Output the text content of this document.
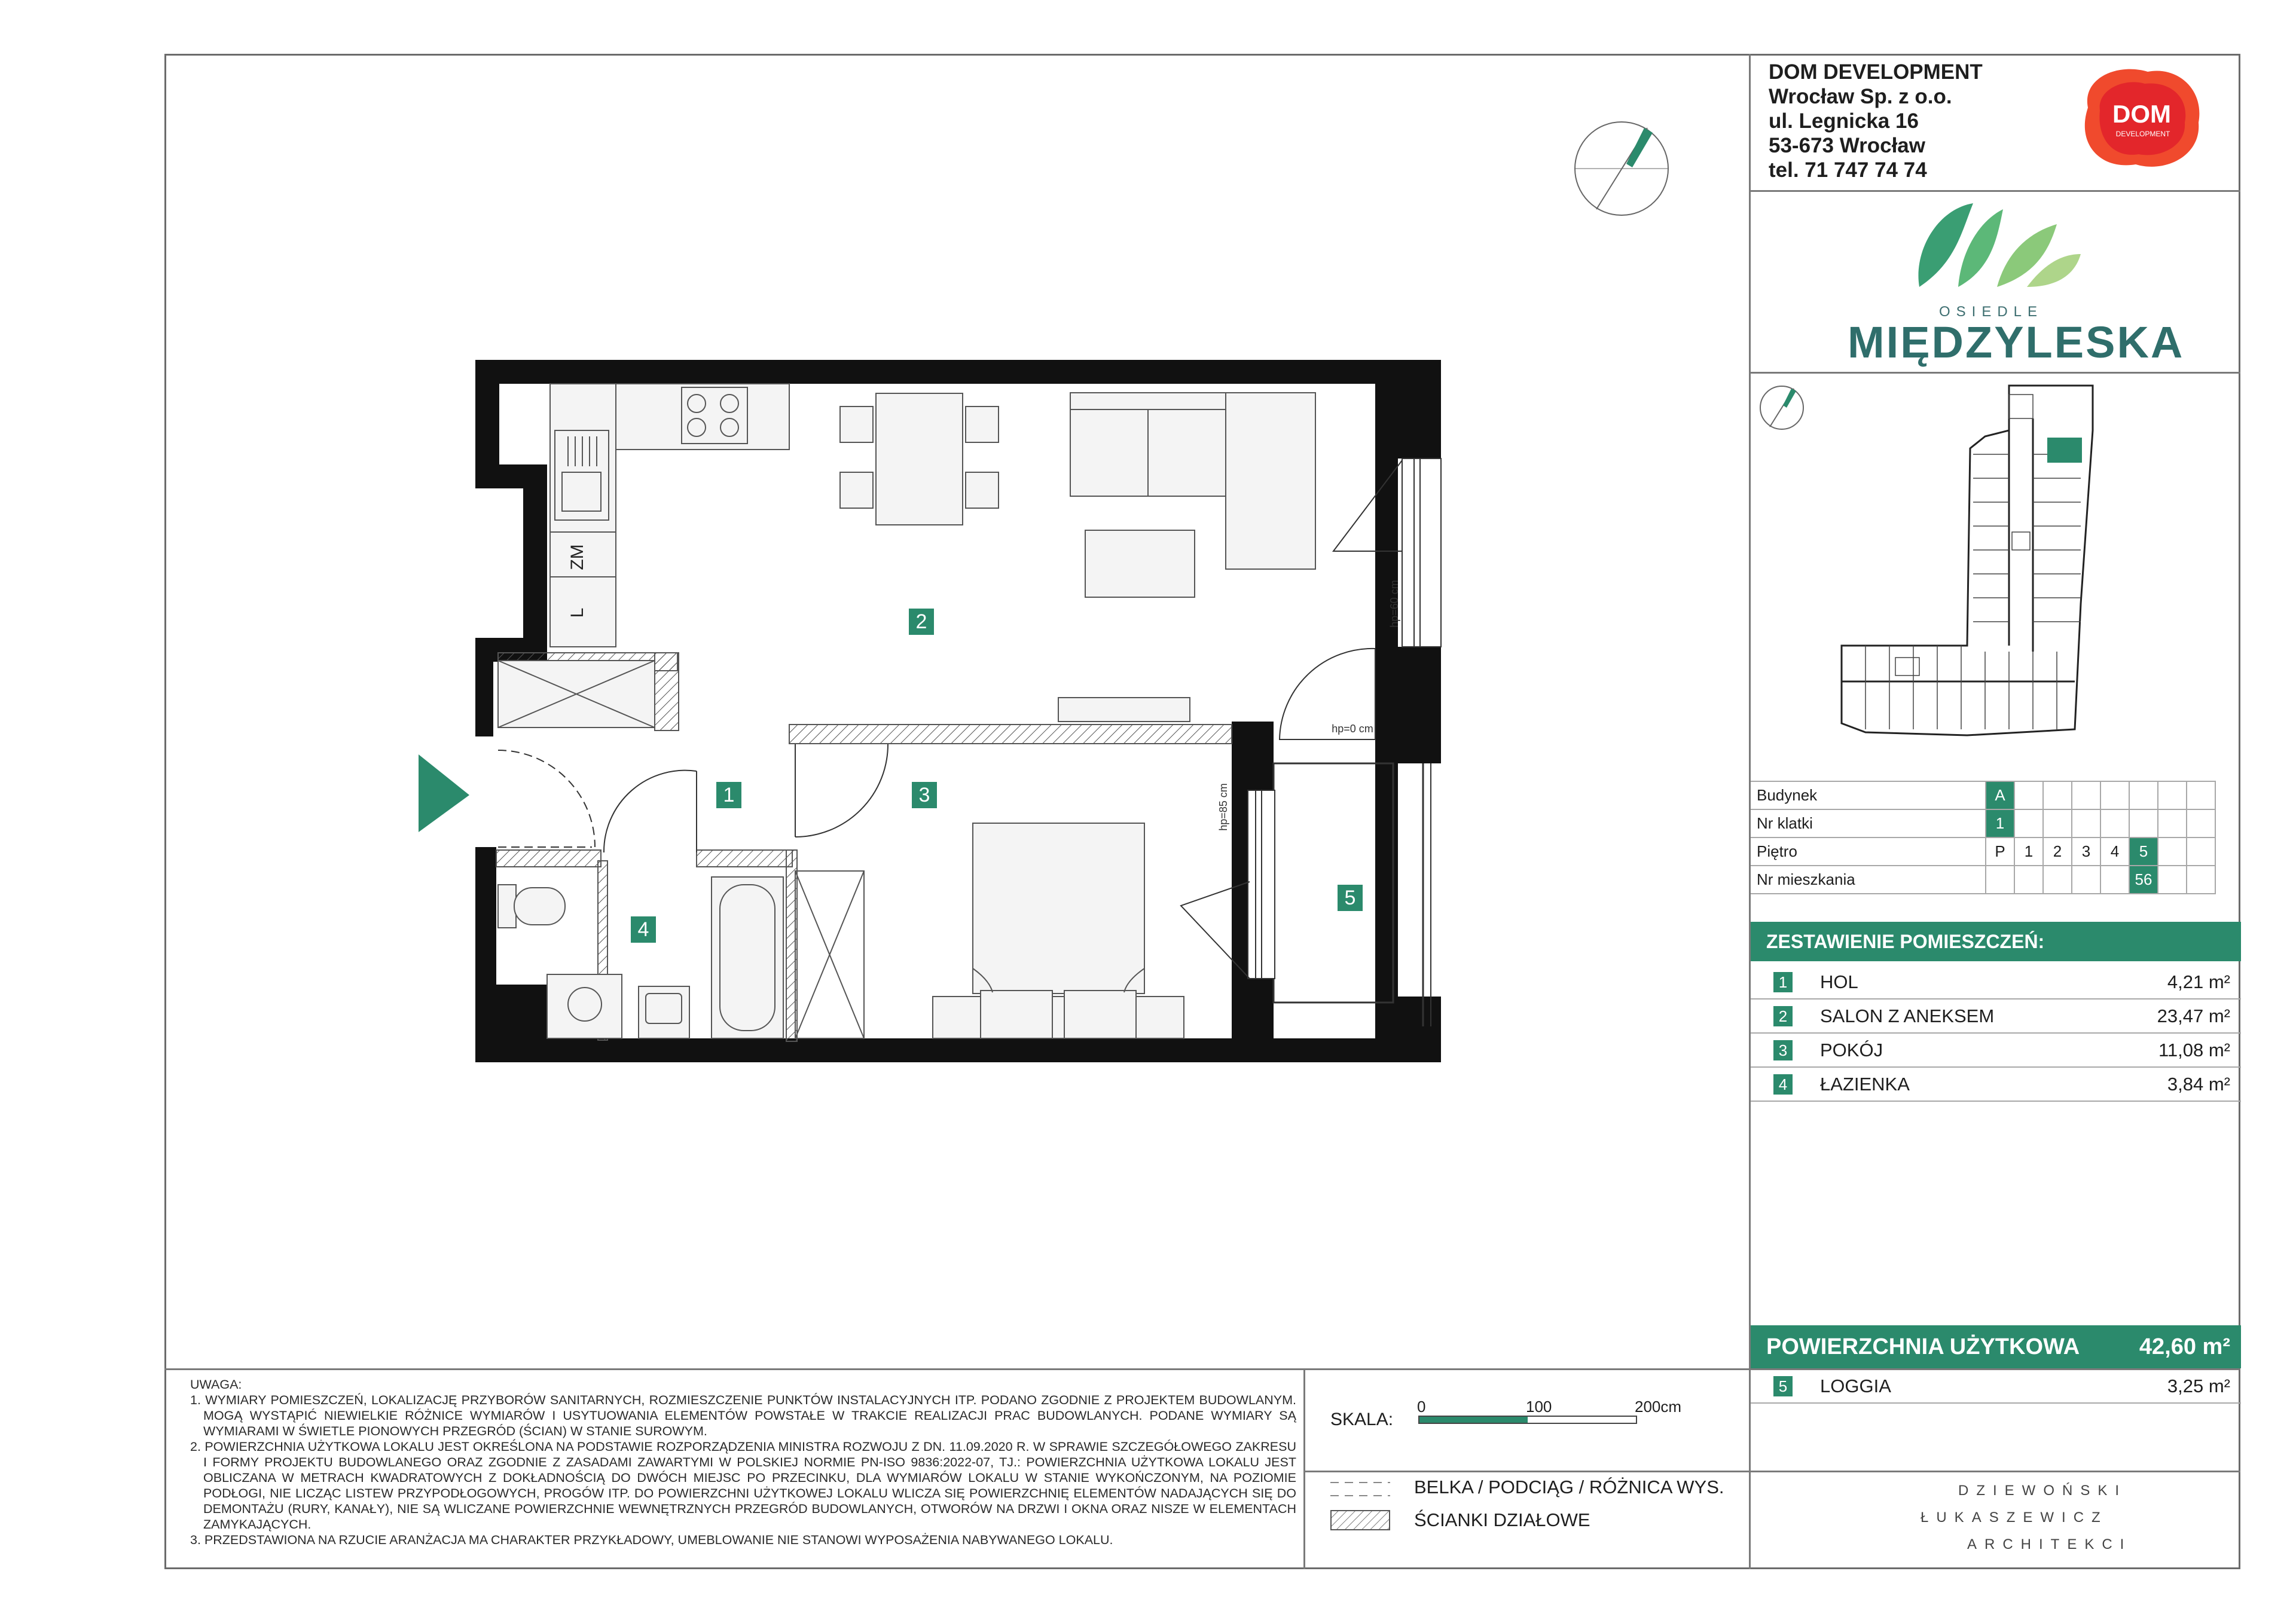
DOM DEVELOPMENT
Wrocław Sp. z o.o.
ul. Legnicka 16
53-673 Wrocław
tel. 71 747 74 74
DOM
DEVELOPMENT
OSIEDLE
MIĘDZYLESKA
Budynek	A							
Nr klatki	1							
Piętro	P	1	2	3	4	5		
Nr mieszkania						56		
ZESTAWIENIE POMIESZCZEŃ:
1 HOL	4,21 m²
2 SALON Z ANEKSEM	23,47 m²
3 POKÓJ	11,08 m²
4 ŁAZIENKA	3,84 m²
POWIERZCHNIA UŻYTKOWA	42,60 m²
5 LOGGIA	3,25 m²
UWAGA:
1. WYMIARY POMIESZCZEŃ, LOKALIZACJĘ PRZYBORÓW SANITARNYCH, ROZMIESZCZENIE PUNKTÓW INSTALACYJNYCH ITP. PODANO ZGODNIE Z PROJEKTEM BUDOWLANYM. MOGĄ WYSTĄPIĆ NIEWIELKIE RÓŻNICE WYMIARÓW I USYTUOWANIA ELEMENTÓW POWSTAŁE W TRAKCIE REALIZACJI PRAC BUDOWLANYCH. PODANE WYMIARY SĄ WYMIARAMI W ŚWIETLE PIONOWYCH PRZEGRÓD (ŚCIAN) W STANIE SUROWYM.
2. POWIERZCHNIA UŻYTKOWA LOKALU JEST OKREŚLONA NA PODSTAWIE ROZPORZĄDZENIA MINISTRA ROZWOJU Z DN. 11.09.2020 R. W SPRAWIE SZCZEGÓŁOWEGO ZAKRESU I FORMY PROJEKTU BUDOWLANEGO ORAZ ZGODNIE Z ZASADAMI ZAWARTYMI W POLSKIEJ NORMIE PN-ISO 9836:2022-07, TJ.: POWIERZCHNIA UŻYTKOWA LOKALU JEST OBLICZANA W METRACH KWADRATOWYCH Z DOKŁADNOŚCIĄ DO DWÓCH MIEJSC PO PRZECINKU, DLA WYMIARÓW LOKALU W STANIE WYKOŃCZONYM, NA POZIOMIE PODŁOGI, NIE LICZĄC LISTEW PRZYPODŁOGOWYCH, PROGÓW ITP. DO POWIERZCHNI UŻYTKOWEJ LOKALU WLICZA SIĘ POWIERZCHNIĘ ELEMENTÓW NADAJĄCYCH SIĘ DO DEMONTAŻU (RURY, KANAŁY), NIE SĄ WLICZANE POWIERZCHNIE WEWNĘTRZNYCH PRZEGRÓD BUDOWLANYCH, OTWORÓW NA DRZWI I OKNA ORAZ NISZE W ELEMENTACH ZAMYKAJĄCYCH.
3. PRZEDSTAWIONA NA RZUCIE ARANŻACJA MA CHARAKTER PRZYKŁADOWY, UMEBLOWANIE NIE STANOWI WYPOSAŻENIA NABYWANEGO LOKALU.
SKALA:
0	100	200cm
BELKA / PODCIĄG / RÓŻNICA WYS.
ŚCIANKI DZIAŁOWE
DZIEWOŃSKI
ŁUKASZEWICZ
ARCHITEKCI
ZM
L	hp=60 cm
hp=0 cm
hp=85 cm
2
1	3
4
5
